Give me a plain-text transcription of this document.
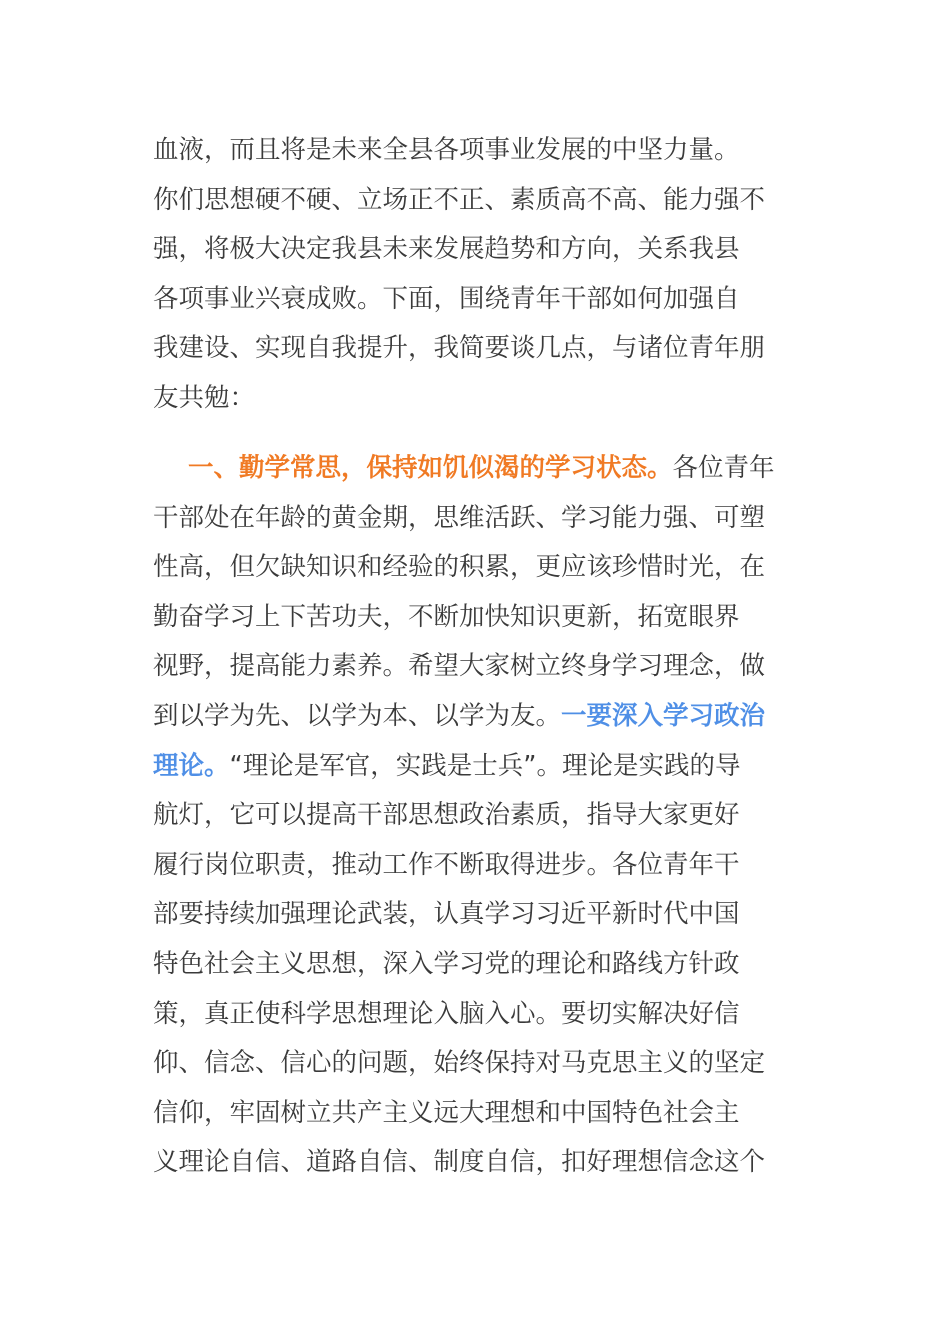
血液，而且将是未来全县各项事业发展的中坚力量。
你们思想硬不硬、立场正不正、素质高不高、能力强不
强，将极大决定我县未来发展趋势和方向，关系我县
各项事业兴衰成败。下面，围绕青年干部如何加强自
我建设、实现自我提升，我简要谈几点，与诸位青年朋
友共勉：
一、勤学常思，保持如饥似渴的学习状态。各位青年
干部处在年龄的黄金期，思维活跃、学习能力强、可塑
性高，但欠缺知识和经验的积累，更应该珍惜时光，在
勤奋学习上下苦功夫，不断加快知识更新，拓宽眼界
视野，提高能力素养。希望大家树立终身学习理念，做
到以学为先、以学为本、以学为友。一要深入学习政治
理论。“理论是军官，实践是士兵”。理论是实践的导
航灯，它可以提高干部思想政治素质，指导大家更好
履行岗位职责，推动工作不断取得进步。各位青年干
部要持续加强理论武装，认真学习习近平新时代中国
特色社会主义思想，深入学习党的理论和路线方针政
策，真正使科学思想理论入脑入心。要切实解决好信
仰、信念、信心的问题，始终保持对马克思主义的坚定
信仰，牢固树立共产主义远大理想和中国特色社会主
义理论自信、道路自信、制度自信，扣好理想信念这个
